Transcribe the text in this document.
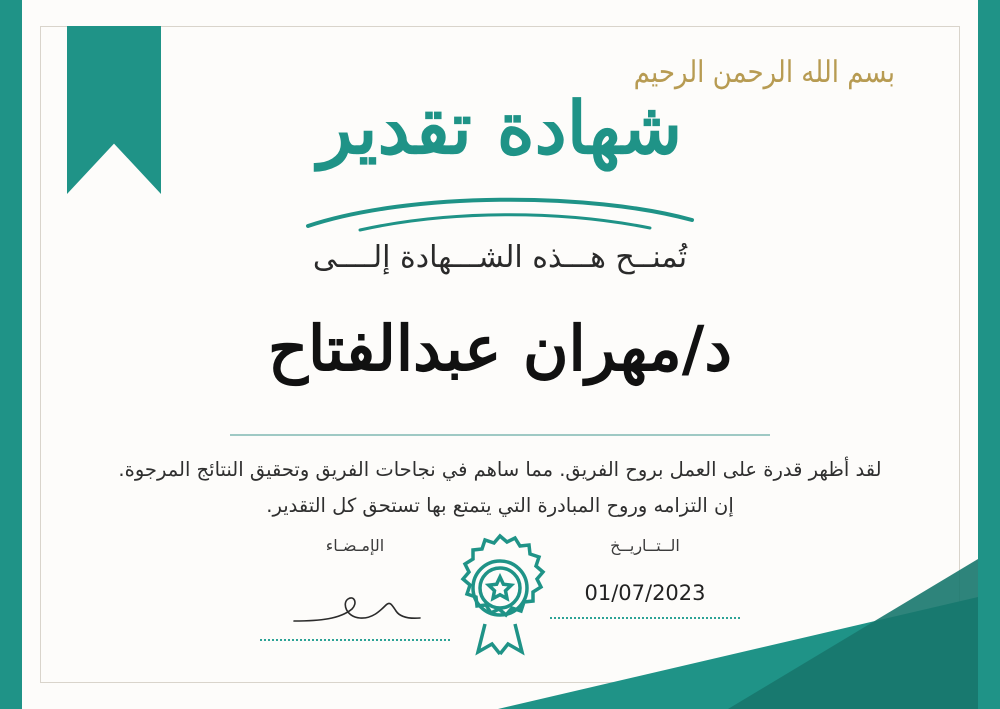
بسم الله الرحمن الرحيم
شهادة تقدير
تُمنــح هـــذه الشـــهادة إلــــى
د/مهران عبدالفتاح
لقد أظهر قدرة على العمل بروح الفريق. مما ساهم في نجاحات الفريق وتحقيق النتائج المرجوة. إن التزامه وروح المبادرة التي يتمتع بها تستحق كل التقدير.
الــتــاريــخ
01/07/2023
الإمـضـاء
